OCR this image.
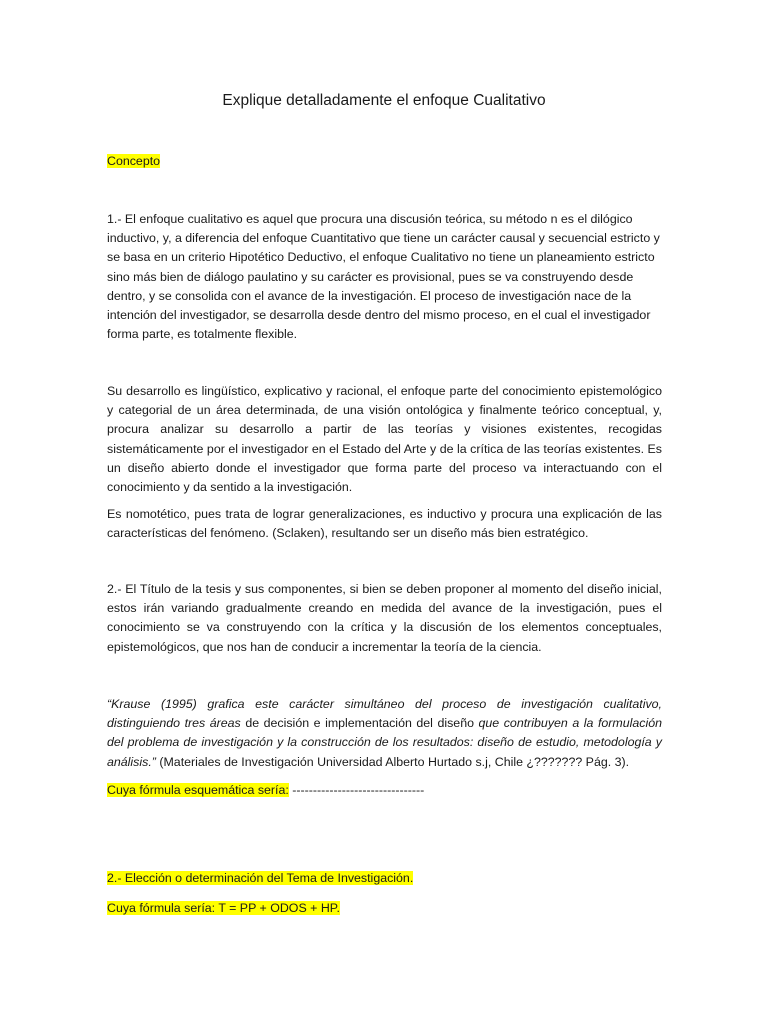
Explique detalladamente el enfoque Cualitativo

Concepto

1.- El enfoque cualitativo es aquel que procura una discusión teórica, su método n es el dilógico inductivo, y, a diferencia del enfoque Cuantitativo que tiene un carácter causal y secuencial estricto y se basa en un criterio Hipotético Deductivo, el enfoque Cualitativo no tiene un planeamiento estricto sino más bien de diálogo paulatino y su carácter es provisional, pues se va construyendo desde dentro, y se consolida con el avance de la investigación. El proceso de investigación nace de la intención del investigador, se desarrolla desde dentro del mismo proceso, en el cual el investigador forma parte, es totalmente flexible.

Su desarrollo es lingüístico, explicativo y racional, el enfoque parte del conocimiento epistemológico y categorial de un área determinada, de una visión ontológica y finalmente teórico conceptual, y, procura analizar su desarrollo a partir de las teorías y visiones existentes, recogidas sistemáticamente por el investigador en el Estado del Arte y de la crítica de las teorías existentes. Es un diseño abierto donde el investigador que forma parte del proceso va interactuando con el conocimiento y da sentido a la investigación.

Es nomotético, pues trata de lograr generalizaciones, es inductivo y procura una explicación de las características del fenómeno. (Sclaken), resultando ser un diseño más bien estratégico.

2.- El Título de la tesis y sus componentes, si bien se deben proponer al momento del diseño inicial, estos irán variando gradualmente creando en medida del avance de la investigación, pues el conocimiento se va construyendo con la crítica y la discusión de los elementos conceptuales, epistemológicos, que nos han de conducir a incrementar la teoría de la ciencia.

“Krause (1995) grafica este carácter simultáneo del proceso de investigación cualitativo, distinguiendo tres áreas de decisión e implementación del diseño que contribuyen a la formulación del problema de investigación y la construcción de los resultados: diseño de estudio, metodología y análisis.” (Materiales de Investigación Universidad Alberto Hurtado s.j, Chile ¿??????? Pág. 3).

Cuya fórmula esquemática sería: --------------------------------

2.- Elección o determinación del Tema de Investigación.

Cuya fórmula sería: T = PP + ODOS + HP.
